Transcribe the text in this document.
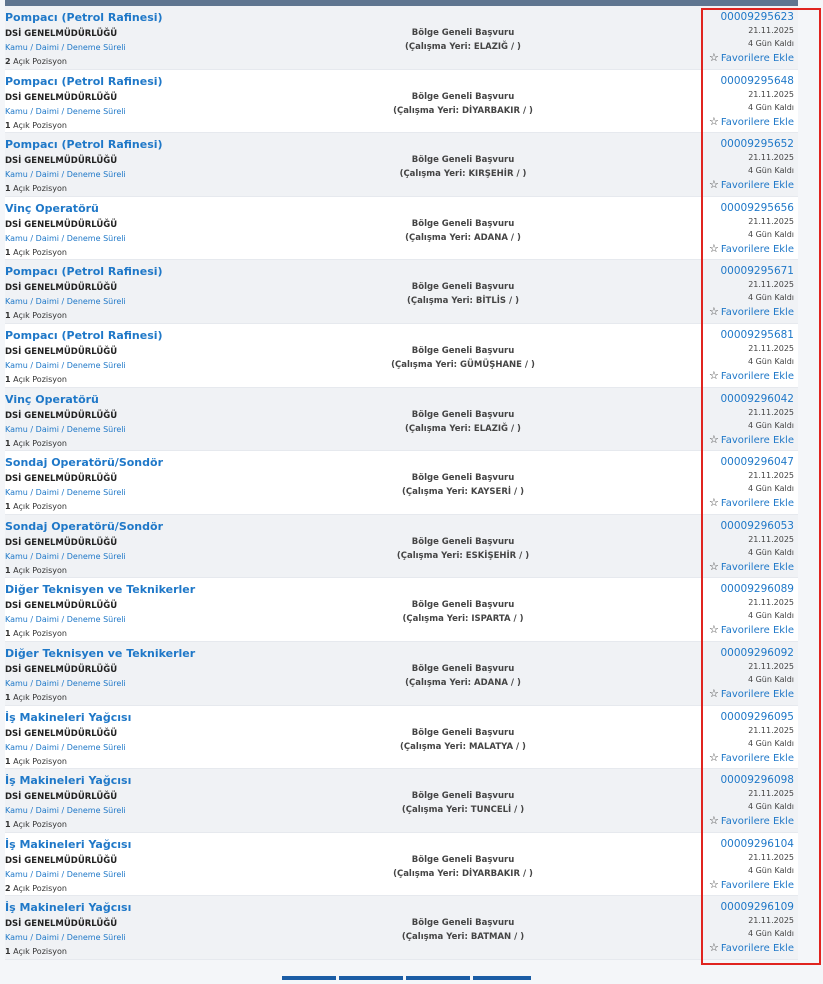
Pompacı (Petrol Rafinesi)
DSİ GENELMÜDÜRLÜĞÜ
Kamu / Daimi / Deneme Süreli
2 Açık Pozisyon
Bölge Geneli Başvuru
(Çalışma Yeri: ELAZIĞ / )
00009295623
21.11.2025
4 Gün Kaldı
☆ Favorilere Ekle
Pompacı (Petrol Rafinesi)
DSİ GENELMÜDÜRLÜĞÜ
Kamu / Daimi / Deneme Süreli
1 Açık Pozisyon
Bölge Geneli Başvuru
(Çalışma Yeri: DİYARBAKIR / )
00009295648
21.11.2025
4 Gün Kaldı
☆ Favorilere Ekle
Pompacı (Petrol Rafinesi)
DSİ GENELMÜDÜRLÜĞÜ
Kamu / Daimi / Deneme Süreli
1 Açık Pozisyon
Bölge Geneli Başvuru
(Çalışma Yeri: KIRŞEHİR / )
00009295652
21.11.2025
4 Gün Kaldı
☆ Favorilere Ekle
Vinç Operatörü
DSİ GENELMÜDÜRLÜĞÜ
Kamu / Daimi / Deneme Süreli
1 Açık Pozisyon
Bölge Geneli Başvuru
(Çalışma Yeri: ADANA / )
00009295656
21.11.2025
4 Gün Kaldı
☆ Favorilere Ekle
Pompacı (Petrol Rafinesi)
DSİ GENELMÜDÜRLÜĞÜ
Kamu / Daimi / Deneme Süreli
1 Açık Pozisyon
Bölge Geneli Başvuru
(Çalışma Yeri: BİTLİS / )
00009295671
21.11.2025
4 Gün Kaldı
☆ Favorilere Ekle
Pompacı (Petrol Rafinesi)
DSİ GENELMÜDÜRLÜĞÜ
Kamu / Daimi / Deneme Süreli
1 Açık Pozisyon
Bölge Geneli Başvuru
(Çalışma Yeri: GÜMÜŞHANE / )
00009295681
21.11.2025
4 Gün Kaldı
☆ Favorilere Ekle
Vinç Operatörü
DSİ GENELMÜDÜRLÜĞÜ
Kamu / Daimi / Deneme Süreli
1 Açık Pozisyon
Bölge Geneli Başvuru
(Çalışma Yeri: ELAZIĞ / )
00009296042
21.11.2025
4 Gün Kaldı
☆ Favorilere Ekle
Sondaj Operatörü/Sondör
DSİ GENELMÜDÜRLÜĞÜ
Kamu / Daimi / Deneme Süreli
1 Açık Pozisyon
Bölge Geneli Başvuru
(Çalışma Yeri: KAYSERİ / )
00009296047
21.11.2025
4 Gün Kaldı
☆ Favorilere Ekle
Sondaj Operatörü/Sondör
DSİ GENELMÜDÜRLÜĞÜ
Kamu / Daimi / Deneme Süreli
1 Açık Pozisyon
Bölge Geneli Başvuru
(Çalışma Yeri: ESKİŞEHİR / )
00009296053
21.11.2025
4 Gün Kaldı
☆ Favorilere Ekle
Diğer Teknisyen ve Teknikerler
DSİ GENELMÜDÜRLÜĞÜ
Kamu / Daimi / Deneme Süreli
1 Açık Pozisyon
Bölge Geneli Başvuru
(Çalışma Yeri: ISPARTA / )
00009296089
21.11.2025
4 Gün Kaldı
☆ Favorilere Ekle
Diğer Teknisyen ve Teknikerler
DSİ GENELMÜDÜRLÜĞÜ
Kamu / Daimi / Deneme Süreli
1 Açık Pozisyon
Bölge Geneli Başvuru
(Çalışma Yeri: ADANA / )
00009296092
21.11.2025
4 Gün Kaldı
☆ Favorilere Ekle
İş Makineleri Yağcısı
DSİ GENELMÜDÜRLÜĞÜ
Kamu / Daimi / Deneme Süreli
1 Açık Pozisyon
Bölge Geneli Başvuru
(Çalışma Yeri: MALATYA / )
00009296095
21.11.2025
4 Gün Kaldı
☆ Favorilere Ekle
İş Makineleri Yağcısı
DSİ GENELMÜDÜRLÜĞÜ
Kamu / Daimi / Deneme Süreli
1 Açık Pozisyon
Bölge Geneli Başvuru
(Çalışma Yeri: TUNCELİ / )
00009296098
21.11.2025
4 Gün Kaldı
☆ Favorilere Ekle
İş Makineleri Yağcısı
DSİ GENELMÜDÜRLÜĞÜ
Kamu / Daimi / Deneme Süreli
2 Açık Pozisyon
Bölge Geneli Başvuru
(Çalışma Yeri: DİYARBAKIR / )
00009296104
21.11.2025
4 Gün Kaldı
☆ Favorilere Ekle
İş Makineleri Yağcısı
DSİ GENELMÜDÜRLÜĞÜ
Kamu / Daimi / Deneme Süreli
1 Açık Pozisyon
Bölge Geneli Başvuru
(Çalışma Yeri: BATMAN / )
00009296109
21.11.2025
4 Gün Kaldı
☆ Favorilere Ekle
